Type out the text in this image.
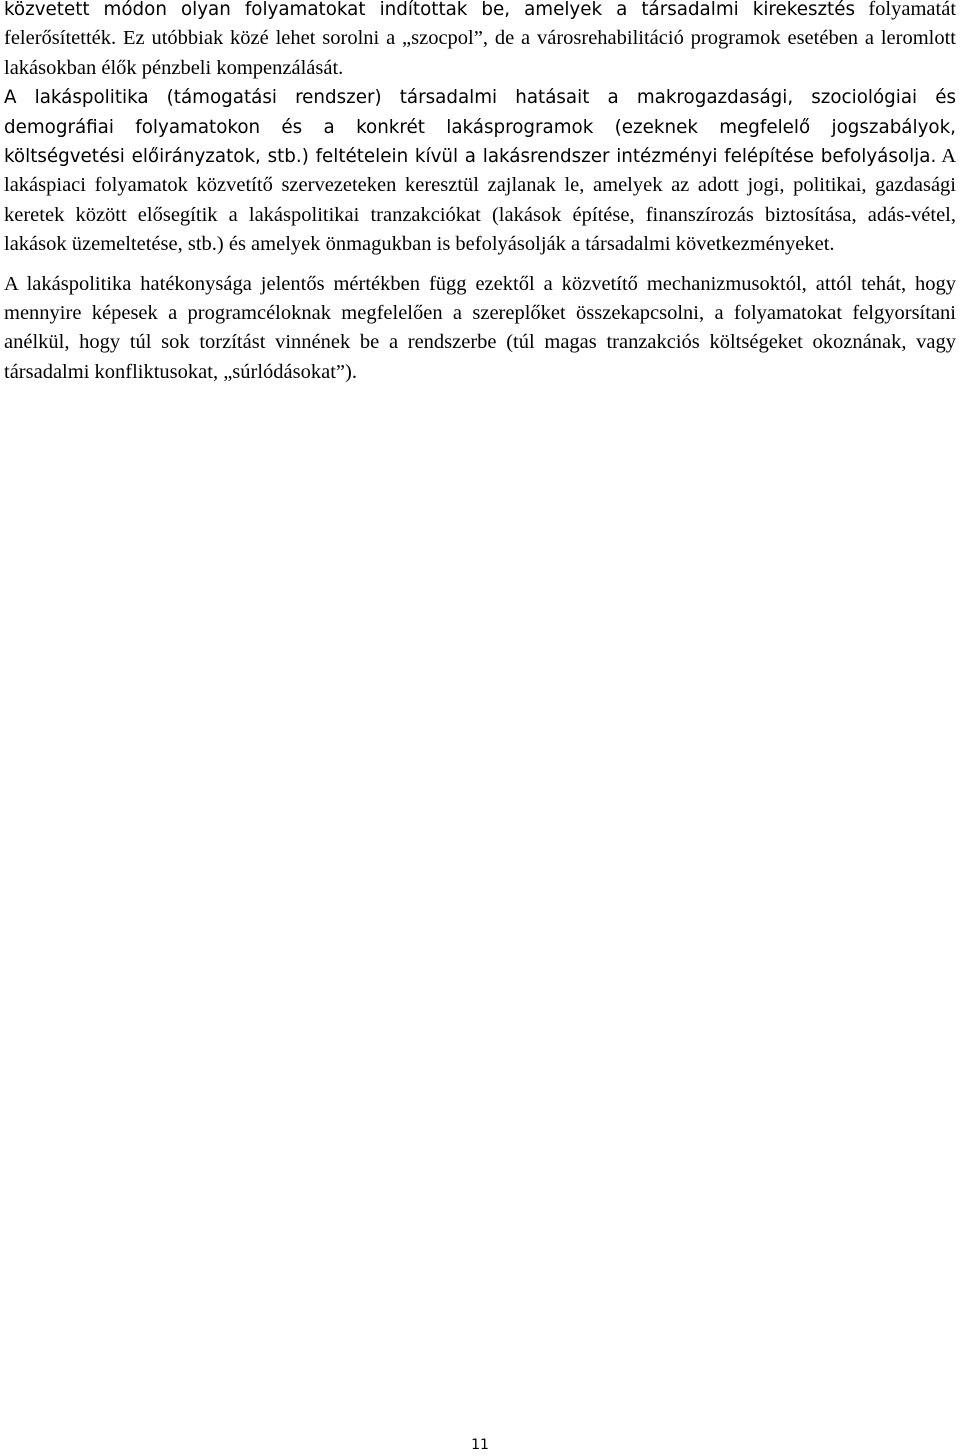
közvetett módon olyan folyamatokat indítottak be, amelyek a társadalmi kirekesztés folyamatát felerősítették. Ez utóbbiak közé lehet sorolni a „szocpol”, de a városrehabilitáció programok esetében a leromlott lakásokban élők pénzbeli kompenzálását.

A lakáspolitika (támogatási rendszer) társadalmi hatásait a makrogazdasági, szociológiai és demográfiai folyamatokon és a konkrét lakásprogramok (ezeknek megfelelő jogszabályok, költségvetési előirányzatok, stb.) feltételein kívül a lakásrendszer intézményi felépítése befolyásolja. A lakáspiaci folyamatok közvetítő szervezeteken keresztül zajlanak le, amelyek az adott jogi, politikai, gazdasági keretek között elősegítik a lakáspolitikai tranzakciókat (lakások építése, finanszírozás biztosítása, adás-vétel, lakások üzemeltetése, stb.) és amelyek önmagukban is befolyásolják a társadalmi következményeket.

A lakáspolitika hatékonysága jelentős mértékben függ ezektől a közvetítő mechanizmusoktól, attól tehát, hogy mennyire képesek a programcéloknak megfelelően a szereplőket összekapcsolni, a folyamatokat felgyorsítani anélkül, hogy túl sok torzítást vinnének be a rendszerbe (túl magas tranzakciós költségeket okoznának, vagy társadalmi konfliktusokat, „súrlódásokat”).

11
